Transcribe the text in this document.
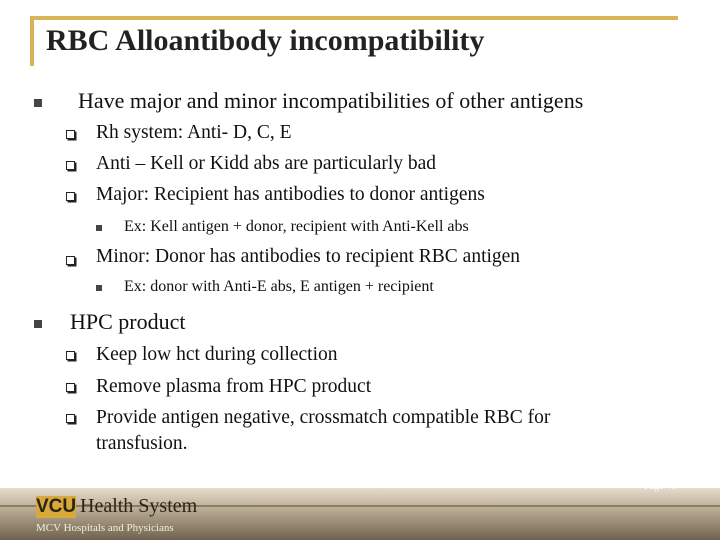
RBC Alloantibody incompatibility
Have major and minor incompatibilities of other antigens
Rh system: Anti- D, C, E
Anti – Kell or Kidd abs are particularly bad
Major: Recipient has antibodies to donor antigens
Ex: Kell antigen + donor, recipient with Anti-Kell abs
Minor: Donor has antibodies to recipient RBC antigen
Ex: donor with Anti-E abs, E antigen + recipient
HPC product
Keep low hct during collection
Remove plasma from HPC product
Provide antigen negative, crossmatch compatible RBC for
transfusion.
VCU Health System
MCV Hospitals and Physicians
Page 40
